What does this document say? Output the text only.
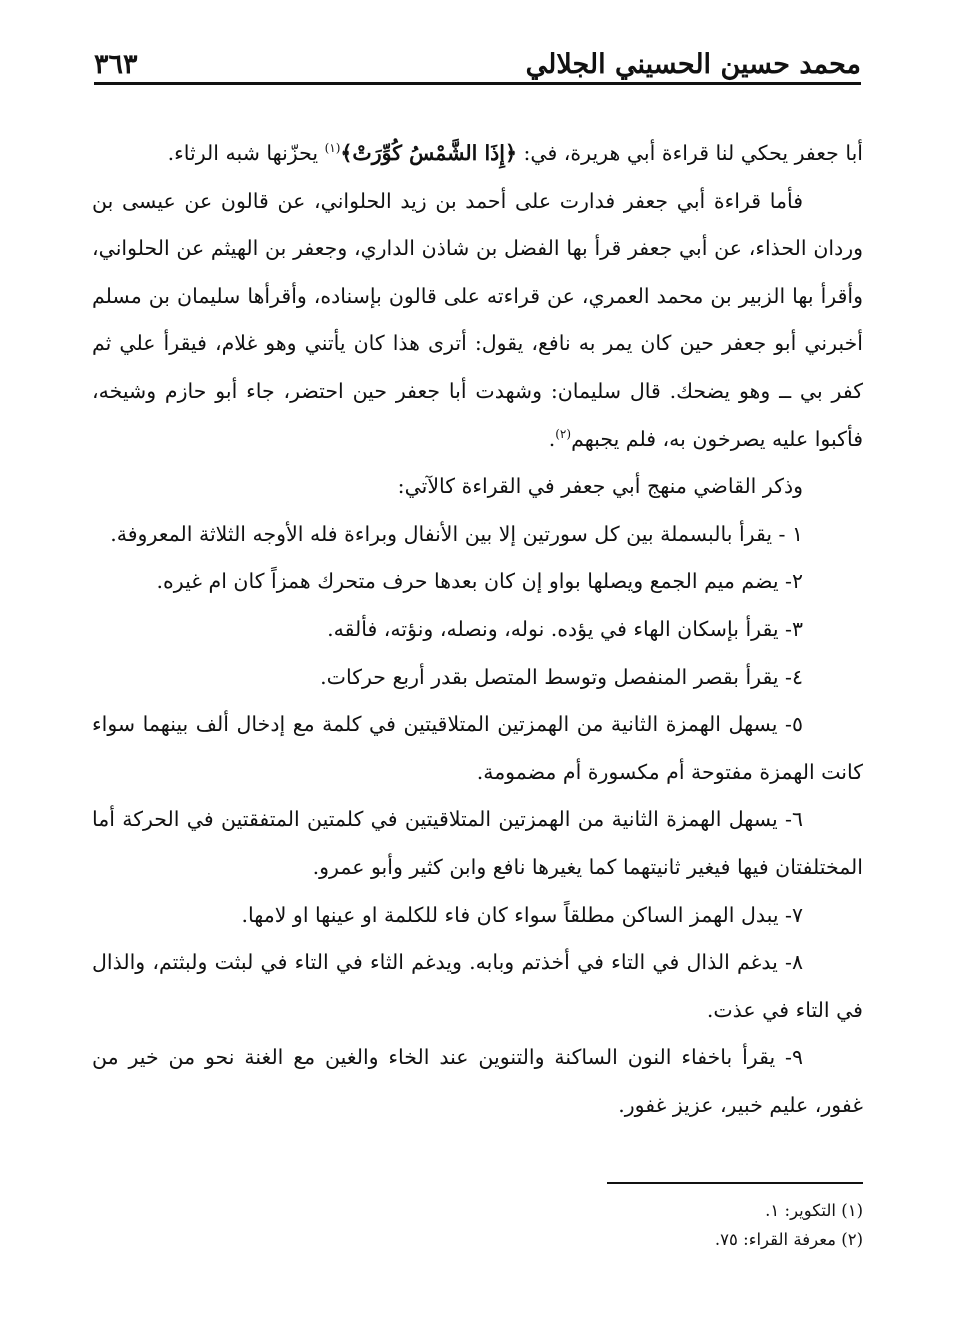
محمد حسين الحسيني الجلالي
٣٦٣

أبا جعفر يحكي لنا قراءة أبي هريرة، في: ﴿إِذَا الشَّمْسُ كُوِّرَتْ﴾$^{(١)}$ يحزّنها شبه الرثاء.

فأما قراءة أبي جعفر فدارت على أحمد بن زيد الحلواني، عن قالون عن عيسى بن وردان الحذاء، عن أبي جعفر قرأ بها الفضل بن شاذن الداري، وجعفر بن الهيثم عن الحلواني، وأقرأ بها الزبير بن محمد العمري، عن قراءته على قالون بإسناده، وأقرأها سليمان بن مسلم أخبرني أبو جعفر حين كان يمر به نافع، يقول: أترى هذا كان يأتني وهو غلام، فيقرأ علي ثم كفر بي ــ وهو يضحك. قال سليمان: وشهدت أبا جعفر حين احتضر، جاء أبو حازم وشيخه، فأكبوا عليه يصرخون به، فلم يجبهم$^{(٢)}$.

وذكر القاضي منهج أبي جعفر في القراءة كالآتي:

١ - يقرأ بالبسملة بين كل سورتين إلا بين الأنفال وبراءة فله الأوجه الثلاثة المعروفة.

٢- يضم ميم الجمع ويصلها بواو إن كان بعدها حرف متحرك همزاً كان ام غيره.

٣- يقرأ بإسكان الهاء في يؤده. نوله، ونصله، ونؤته، فألقه.

٤- يقرأ بقصر المنفصل وتوسط المتصل بقدر أربع حركات.

٥- يسهل الهمزة الثانية من الهمزتين المتلاقيتين في كلمة مع إدخال ألف بينهما سواء كانت الهمزة مفتوحة أم مكسورة أم مضمومة.

٦- يسهل الهمزة الثانية من الهمزتين المتلاقيتين في كلمتين المتفقتين في الحركة أما المختلفتان فيها فيغير ثانيتهما كما يغيرها نافع وابن كثير وأبو عمرو.

٧- يبدل الهمز الساكن مطلقاً سواء كان فاء للكلمة او عينها او لامها.

٨- يدغم الذال في التاء في أخذتم وبابه. ويدغم الثاء في التاء في لبثت ولبثتم، والذال في التاء في عذت.

٩- يقرأ باخفاء النون الساكنة والتنوين عند الخاء والغين مع الغنة نحو من خير من غفور، عليم خبير، عزيز غفور.

(١) التكوير: ١.

(٢) معرفة القراء: ٧٥.
